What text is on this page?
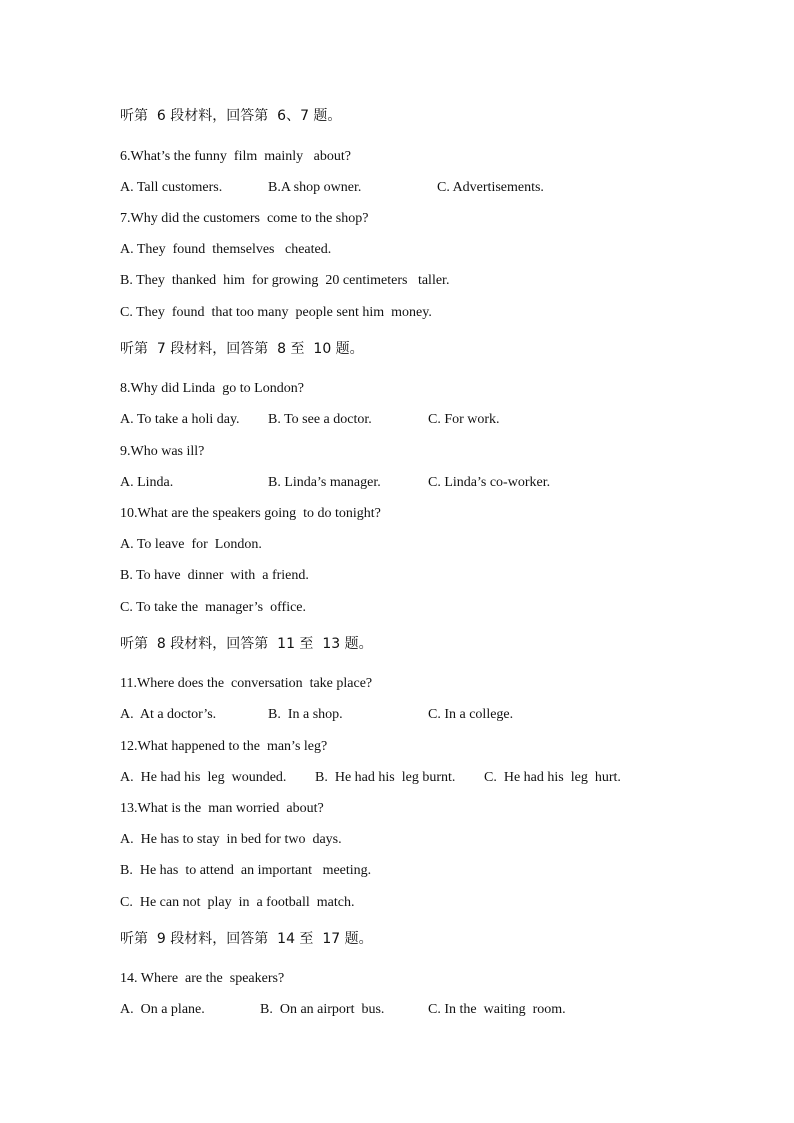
听第  6 段材料，回答第  6、7 题。
6.What’s the funny  film  mainly   about?
A. Tall customers.	B.A shop owner.	C. Advertisements.
7.Why did the customers  come to the shop?
A. They  found  themselves   cheated.
B. They  thanked  him  for growing  20 centimeters   taller.
C. They  found  that too many  people sent him  money.
听第  7 段材料，回答第  8 至  10 题。
8.Why did Linda  go to London?
A. To take a holi day. B. To see a doctor.	C. For work.
9.Who was ill?
A. Linda.	B. Linda’s manager.	C. Linda’s co-worker.
10.What are the speakers going  to do tonight?
A. To leave  for  London.
B. To have  dinner  with  a friend.
C. To take the  manager’s  office.
听第  8 段材料，回答第  11 至  13 题。
11.Where does the  conversation  take place?
A.  At a doctor’s.	B.  In a shop.	C. In a college.
12.What happened to the  man’s leg?
A.  He had his  leg  wounded. B.  He had his  leg burnt. C.  He had his  leg  hurt.
13.What is the  man worried  about?
A.  He has to stay  in bed for two  days.
B.  He has  to attend  an important   meeting.
C.  He can not  play  in  a football  match.
听第  9 段材料，回答第  14 至  17 题。
14. Where  are the  speakers?
A.  On a plane.	B.  On an airport  bus.	C. In the  waiting  room.
